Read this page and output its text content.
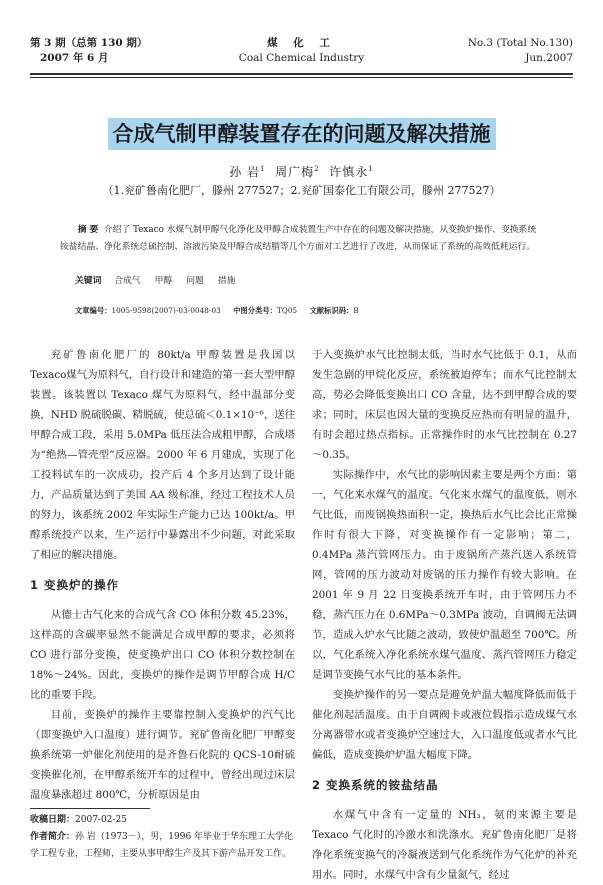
第 3 期（总第 130 期）
2007 年 6 月
煤 化 工
Coal Chemical Industry
No.3 (Total No.130)
Jun.2007
合成气制甲醇装置存在的问题及解决措施
孙 岩$^1$ 周广梅$^2$ 许慎永$^1$
（1.兖矿鲁南化肥厂，滕州 277527；2.兖矿国泰化工有限公司，滕州 277527）
摘 要 介绍了 Texaco 水煤气制甲醇气化净化及甲醇合成装置生产中存在的问题及解决措施，从变换炉操作、变换系统铵盐结晶、净化系统总硫控制、溶液污染及甲醇合成结腊等几个方面对工艺进行了改进，从而保证了系统的高效低耗运行。
关键词 合成气 甲醇 问题 措施
文章编号：1005-9598(2007)-03-0048-03 中图分类号：TQ05 文献标识码：B

兖矿鲁南化肥厂的 80kt/a 甲醇装置是我国以 Texaco煤气为原料气，自行设计和建造的第一套大型甲醇装置。该装置以 Texaco 煤气为原料气，经中温部分变换，NHD 脱硫脱碳、精脱硫，使总硫＜0.1×10⁻⁶，送往甲醇合成工段，采用 5.0MPa 低压法合成粗甲醇，合成塔为“绝热—管壳型”反应器。2000 年 6 月建成，实现了化工投料试车的一次成功，投产后 4 个多月达到了设计能力，产品质量达到了美国 AA 级标准，经过工程技术人员的努力，该系统 2002 年实际生产能力已达 100kt/a。甲醇系统投产以来，生产运行中暴露出不少问题，对此采取了相应的解决措施。

1 变换炉的操作

从德士古气化来的合成气含 CO 体积分数 45.23%，这样高的含碳率显然不能满足合成甲醇的要求，必须将 CO 进行部分变换，使变换炉出口 CO 体积分数控制在 18%～24%。因此，变换炉的操作是调节甲醇合成 H/C 比的重要手段。

目前，变换炉的操作主要靠控制入变换炉的汽气比（即变换炉入口温度）进行调节。兖矿鲁南化肥厂甲醇变换系统第一炉催化剂使用的是齐鲁石化院的 QCS-10耐硫变换催化剂，在甲醇系统开车的过程中，曾经出现过床层温度暴涨超过 800℃，分析原因是由

于入变换炉水气比控制太低，当时水气比低于 0.1，从而发生急剧的甲烷化反应，系统被迫停车；而水气比控制太高，势必会降低变换出口 CO 含量，达不到甲醇合成的要求；同时，床层也因大量的变换反应热而有明显的温升，有时会超过热点指标。正常操作时的水气比控制在 0.27～0.35。

实际操作中，水气比的影响因素主要是两个方面：第一，气化来水煤气的温度。气化来水煤气的温度低，则水气比低，而废锅换热面积一定，换热后水气比会比正常操作时有很大下降，对变换操作有一定影响；第二，0.4MPa 蒸汽管网压力。由于废锅所产蒸汽送入系统管网，管网的压力波动对废锅的压力操作有较大影响。在 2001 年 9 月 22 日变换系统开车时，由于管网压力不稳，蒸汽压力在 0.6MPa～0.3MPa 波动，自调阀无法调节，造成入炉水气比随之波动，致使炉温超至 700℃。所以，气化系统入净化系统水煤气温度、蒸汽管网压力稳定是调节变换气水气比的基本条件。

变换炉操作的另一要点是避免炉温大幅度降低而低于催化剂起活温度。由于自调阀卡或液位假指示造成煤气水分离器带水或者变换炉空速过大，入口温度低或者水气比偏低，造成变换炉炉温大幅度下降。

2 变换系统的铵盐结晶

水煤气中含有一定量的 NH₃，氨的来源主要是 Texaco 气化时的冷激水和洗涤水。兖矿鲁南化肥厂是将净化系统变换气的冷凝液送到气化系统作为气化炉的补充用水。同时，水煤气中含有少量氮气，经过

收稿日期：2007-02-25
作者简介：孙 岩（1973－），男，1996 年毕业于华东理工大学化学工程专业，工程师，主要从事甲醇生产及其下游产品开发工作。
